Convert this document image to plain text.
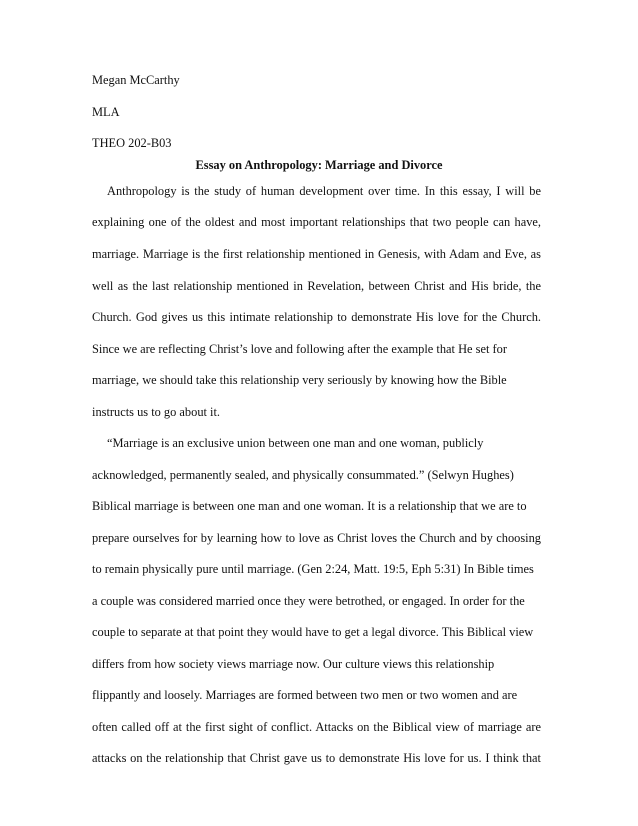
Megan McCarthy

MLA

THEO 202-B03

Essay on Anthropology: Marriage and Divorce

Anthropology is the study of human development over time. In this essay, I will be

explaining one of the oldest and most important relationships that two people can have,

marriage. Marriage is the first relationship mentioned in Genesis, with Adam and Eve, as

well as the last relationship mentioned in Revelation, between Christ and His bride, the

Church. God gives us this intimate relationship to demonstrate His love for the Church.

Since we are reflecting Christ’s love and following after the example that He set for

marriage, we should take this relationship very seriously by knowing how the Bible

instructs us to go about it.

“Marriage is an exclusive union between one man and one woman, publicly

acknowledged, permanently sealed, and physically consummated.” (Selwyn Hughes)

Biblical marriage is between one man and one woman. It is a relationship that we are to

prepare ourselves for by learning how to love as Christ loves the Church and by choosing

to remain physically pure until marriage. (Gen 2:24, Matt. 19:5, Eph 5:31) In Bible times

a couple was considered married once they were betrothed, or engaged. In order for the

couple to separate at that point they would have to get a legal divorce. This Biblical view

differs from how society views marriage now. Our culture views this relationship

flippantly and loosely. Marriages are formed between two men or two women and are

often called off at the first sight of conflict. Attacks on the Biblical view of marriage are

attacks on the relationship that Christ gave us to demonstrate His love for us. I think that
